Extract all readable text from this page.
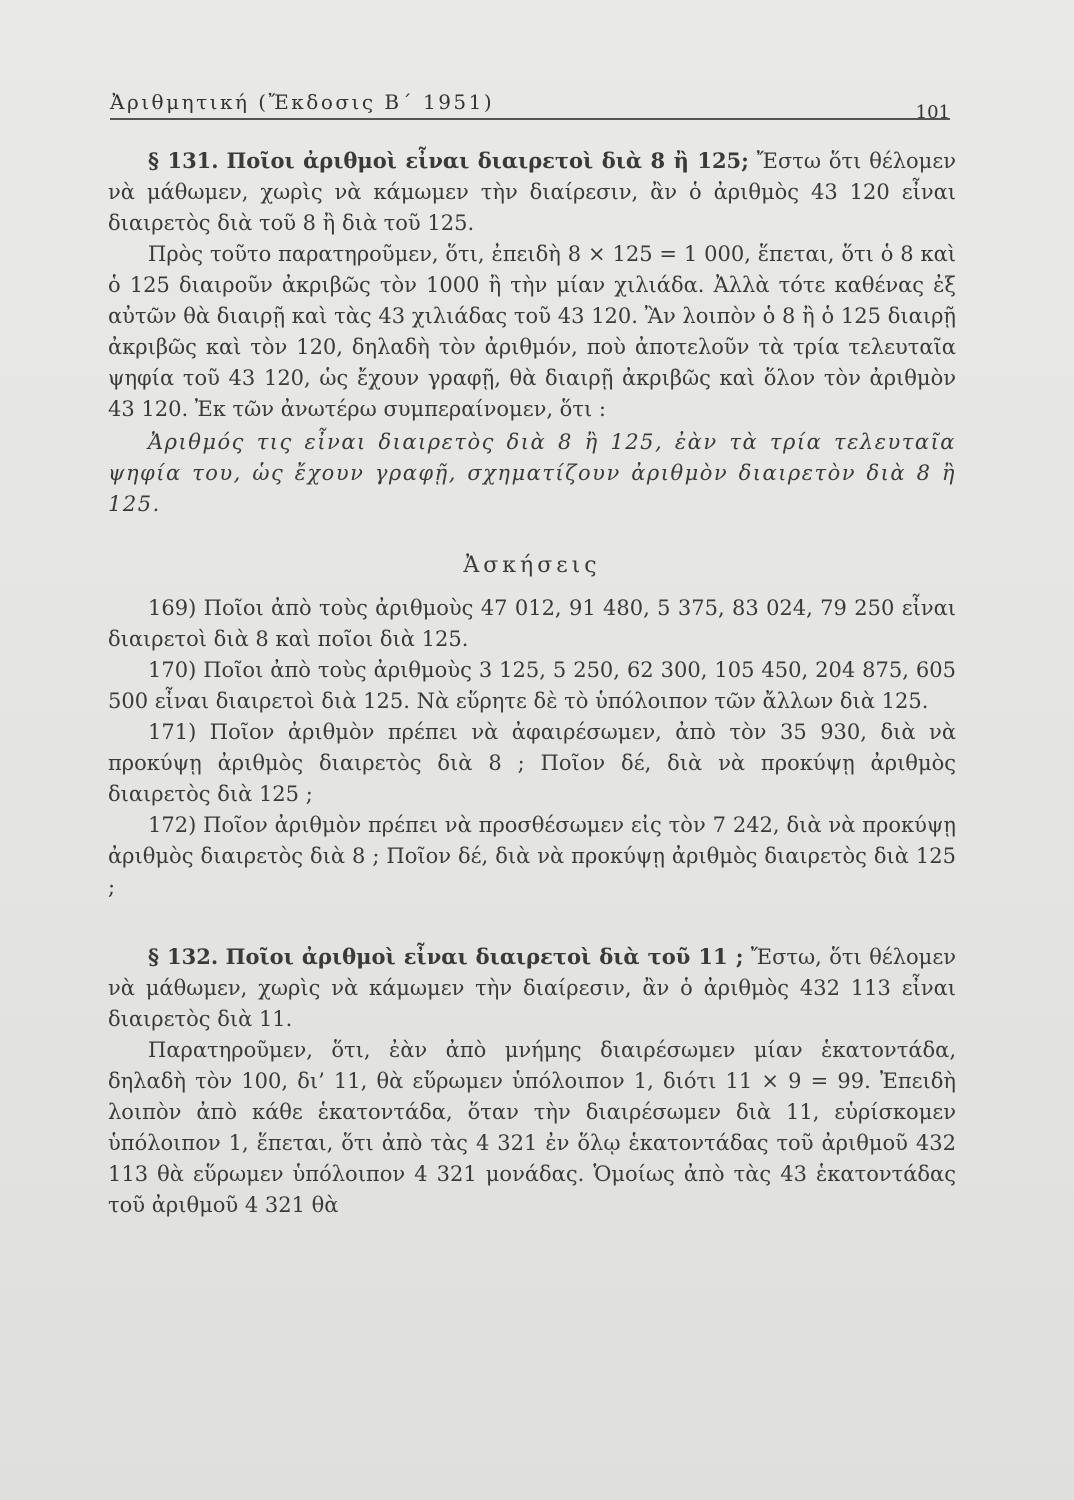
Ἀριθμητική (Ἔκδοσις Β΄ 1951)	101

§ 131. Ποῖοι ἀριθμοὶ εἶναι διαιρετοὶ διὰ 8 ἢ 125; Ἔστω ὅτι θέλομεν νὰ μάθωμεν, χωρὶς νὰ κάμωμεν τὴν διαίρεσιν, ἂν ὁ ἀριθμὸς 43 120 εἶναι διαιρετὸς διὰ τοῦ 8 ἢ διὰ τοῦ 125.

Πρὸς τοῦτο παρατηροῦμεν, ὅτι, ἐπειδὴ 8 × 125 = 1 000, ἕπεται, ὅτι ὁ 8 καὶ ὁ 125 διαιροῦν ἀκριβῶς τὸν 1000 ἢ τὴν μίαν χιλιάδα. Ἀλλὰ τότε καθένας ἐξ αὐτῶν θὰ διαιρῇ καὶ τὰς 43 χιλιάδας τοῦ 43 120. Ἂν λοιπὸν ὁ 8 ἢ ὁ 125 διαιρῇ ἀκριβῶς καὶ τὸν 120, δηλαδὴ τὸν ἀριθμόν, ποὺ ἀποτελοῦν τὰ τρία τελευταῖα ψηφία τοῦ 43 120, ὡς ἔχουν γραφῇ, θὰ διαιρῇ ἀκριβῶς καὶ ὅλον τὸν ἀριθμὸν 43 120. Ἐκ τῶν ἀνωτέρω συμπεραίνομεν, ὅτι :

Ἀριθμός τις εἶναι διαιρετὸς διὰ 8 ἢ 125, ἐὰν τὰ τρία τελευταῖα ψηφία του, ὡς ἔχουν γραφῇ, σχηματίζουν ἀριθμὸν διαιρετὸν διὰ 8 ἢ 125.

Ἀσκήσεις

169) Ποῖοι ἀπὸ τοὺς ἀριθμοὺς 47 012, 91 480, 5 375, 83 024, 79 250 εἶναι διαιρετοὶ διὰ 8 καὶ ποῖοι διὰ 125.

170) Ποῖοι ἀπὸ τοὺς ἀριθμοὺς 3 125, 5 250, 62 300, 105 450, 204 875, 605 500 εἶναι διαιρετοὶ διὰ 125. Νὰ εὕρητε δὲ τὸ ὑπόλοιπον τῶν ἄλλων διὰ 125.

171) Ποῖον ἀριθμὸν πρέπει νὰ ἀφαιρέσωμεν, ἀπὸ τὸν 35 930, διὰ νὰ προκύψῃ ἀριθμὸς διαιρετὸς διὰ 8 ; Ποῖον δέ, διὰ νὰ προκύψῃ ἀριθμὸς διαιρετὸς διὰ 125 ;

172) Ποῖον ἀριθμὸν πρέπει νὰ προσθέσωμεν εἰς τὸν 7 242, διὰ νὰ προκύψῃ ἀριθμὸς διαιρετὸς διὰ 8 ; Ποῖον δέ, διὰ νὰ προκύψῃ ἀριθμὸς διαιρετὸς διὰ 125 ;

§ 132. Ποῖοι ἀριθμοὶ εἶναι διαιρετοὶ διὰ τοῦ 11 ; Ἔστω, ὅτι θέλομεν νὰ μάθωμεν, χωρὶς νὰ κάμωμεν τὴν διαίρεσιν, ἂν ὁ ἀριθμὸς 432 113 εἶναι διαιρετὸς διὰ 11.

Παρατηροῦμεν, ὅτι, ἐὰν ἀπὸ μνήμης διαιρέσωμεν μίαν ἑκατοντάδα, δηλαδὴ τὸν 100, δι’ 11, θὰ εὕρωμεν ὑπόλοιπον 1, διότι 11 × 9 = 99. Ἐπειδὴ λοιπὸν ἀπὸ κάθε ἑκατοντάδα, ὅταν τὴν διαιρέσωμεν διὰ 11, εὑρίσκομεν ὑπόλοιπον 1, ἕπεται, ὅτι ἀπὸ τὰς 4 321 ἐν ὅλῳ ἑκατοντάδας τοῦ ἀριθμοῦ 432 113 θὰ εὕρωμεν ὑπόλοιπον 4 321 μονάδας. Ὁμοίως ἀπὸ τὰς 43 ἑκατοντάδας τοῦ ἀριθμοῦ 4 321 θὰ
